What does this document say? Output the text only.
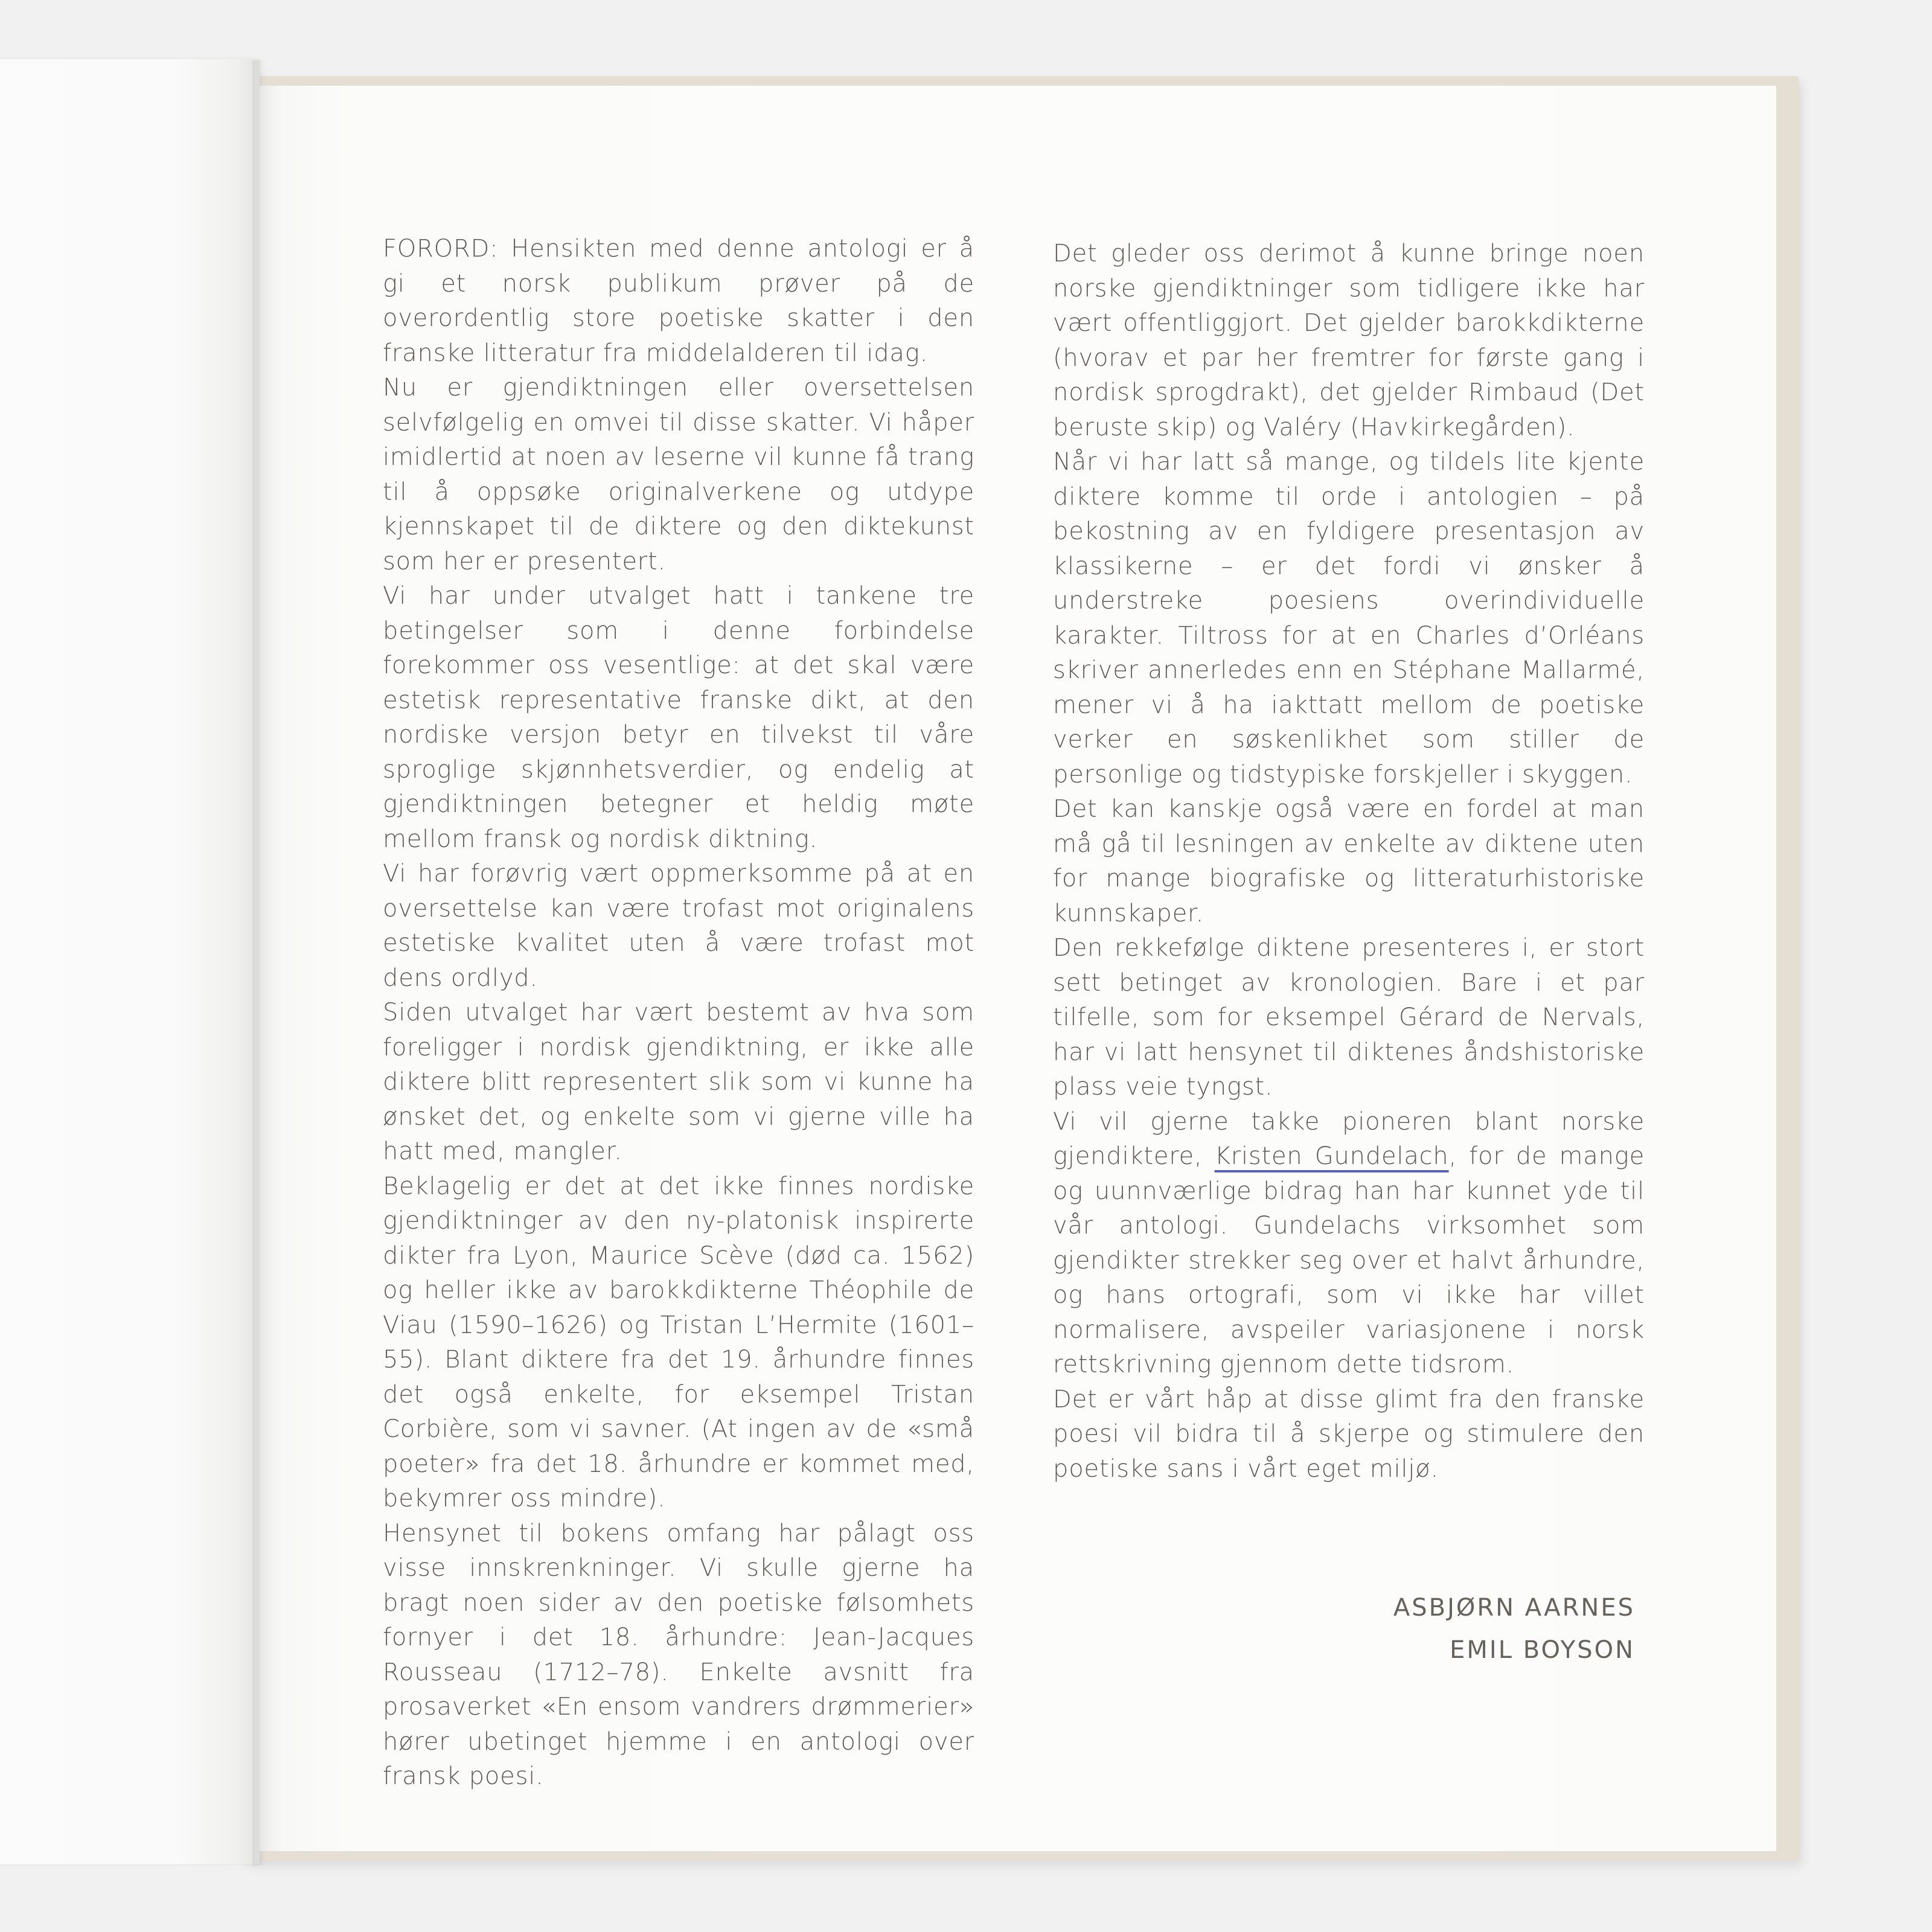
FORORD: Hensikten med denne antologi er å gi et norsk publikum prøver på de overordentlig store poetiske skatter i den franske litteratur fra middelalderen til idag.

Nu er gjendiktningen eller oversettelsen selvfølgelig en omvei til disse skatter. Vi håper imidlertid at noen av leserne vil kunne få trang til å oppsøke originalverkene og utdype kjennskapet til de diktere og den diktekunst som her er presentert.

Vi har under utvalget hatt i tankene tre betingelser som i denne forbindelse forekommer oss vesentlige: at det skal være estetisk representative franske dikt, at den nordiske versjon betyr en tilvekst til våre sproglige skjønnhetsverdier, og endelig at gjendiktningen betegner et heldig møte mellom fransk og nordisk diktning.

Vi har forøvrig vært oppmerksomme på at en oversettelse kan være trofast mot originalens estetiske kvalitet uten å være trofast mot dens ordlyd.

Siden utvalget har vært bestemt av hva som foreligger i nordisk gjendiktning, er ikke alle diktere blitt representert slik som vi kunne ha ønsket det, og enkelte som vi gjerne ville ha hatt med, mangler.

Beklagelig er det at det ikke finnes nordiske gjendiktninger av den ny-platonisk inspirerte dikter fra Lyon, Maurice Scève (død ca. 1562) og heller ikke av barokkdikterne Théophile de Viau (1590–1626) og Tristan L’Hermite (1601–55). Blant diktere fra det 19. århundre finnes det også enkelte, for eksempel Tristan Corbière, som vi savner. (At ingen av de «små poeter» fra det 18. århundre er kommet med, bekymrer oss mindre).

Hensynet til bokens omfang har pålagt oss visse innskrenkninger. Vi skulle gjerne ha bragt noen sider av den poetiske følsomhets fornyer i det 18. århundre: Jean-Jacques Rousseau (1712–78). Enkelte avsnitt fra prosaverket «En ensom vandrers drømmerier» hører ubetinget hjemme i en antologi over fransk poesi.

Det gleder oss derimot å kunne bringe noen norske gjendiktninger som tidligere ikke har vært offentliggjort. Det gjelder barokkdikterne (hvorav et par her fremtrer for første gang i nordisk sprogdrakt), det gjelder Rimbaud (Det beruste skip) og Valéry (Havkirkegården).

Når vi har latt så mange, og tildels lite kjente diktere komme til orde i antologien – på bekostning av en fyldigere presentasjon av klassikerne – er det fordi vi ønsker å understreke poesiens overindividuelle karakter. Tiltross for at en Charles d’Orléans skriver annerledes enn en Stéphane Mallarmé, mener vi å ha iakttatt mellom de poetiske verker en søskenlikhet som stiller de personlige og tidstypiske forskjeller i skyggen.

Det kan kanskje også være en fordel at man må gå til lesningen av enkelte av diktene uten for mange biografiske og litteraturhistoriske kunnskaper.

Den rekkefølge diktene presenteres i, er stort sett betinget av kronologien. Bare i et par tilfelle, som for eksempel Gérard de Nervals, har vi latt hensynet til diktenes åndshistoriske plass veie tyngst.

Vi vil gjerne takke pioneren blant norske gjendiktere, Kristen Gundelach, for de mange og uunnværlige bidrag han har kunnet yde til vår antologi. Gundelachs virksomhet som gjendikter strekker seg over et halvt århundre, og hans ortografi, som vi ikke har villet normalisere, avspeiler variasjonene i norsk rettskrivning gjennom dette tidsrom.

Det er vårt håp at disse glimt fra den franske poesi vil bidra til å skjerpe og stimulere den poetiske sans i vårt eget miljø.

ASBJØRN AARNES
EMIL BOYSON
